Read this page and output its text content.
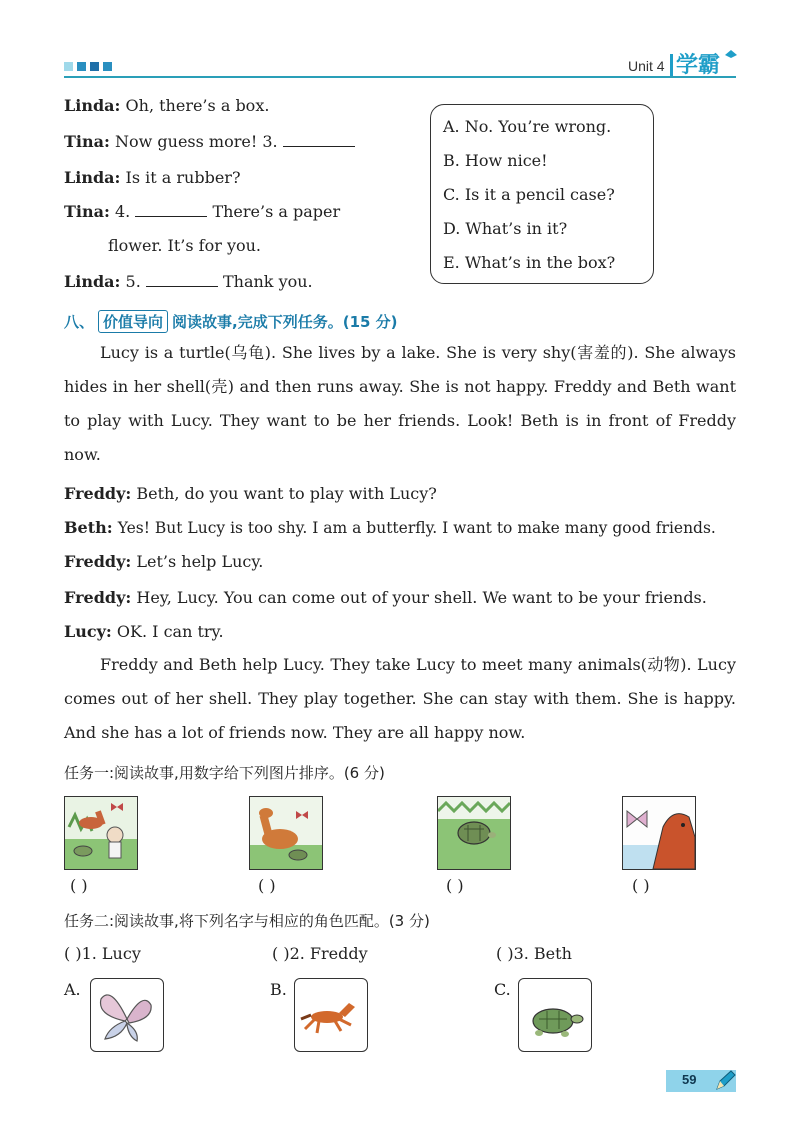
Unit 4 学霸
Linda: Oh, there’s a box.
Tina: Now guess more! 3.
Linda: Is it a rubber?
Tina: 4.	There’s a paper
flower. It’s for you.
Linda: 5.	Thank you.
A. No. You’re wrong.
B. How nice!
C. Is it a pencil case?
D. What’s in it?
E. What’s in the box?
八、 价值导向 阅读故事,完成下列任务。(15 分)
Lucy is a turtle(乌龟). She lives by a lake. She is very shy(害羞的). She always hides in her shell(壳) and then runs away. She is not happy. Freddy and Beth want to play with Lucy. They want to be her friends. Look! Beth is in front of Freddy now.
Freddy: Beth, do you want to play with Lucy?
Beth: Yes! But Lucy is too shy. I am a butterfly. I want to make many good friends.
Freddy: Let’s help Lucy.
Freddy: Hey, Lucy. You can come out of your shell. We want to be your friends.
Lucy: OK. I can try.
Freddy and Beth help Lucy. They take Lucy to meet many animals(动物). Lucy comes out of her shell. They play together. She can stay with them. She is happy. And she has a lot of friends now. They are all happy now.
任务一:阅读故事,用数字给下列图片排序。(6 分)
( )	( )	( )	( )
任务二:阅读故事,将下列名字与相应的角色匹配。(3 分)
( )1. Lucy	( )2. Freddy	( )3. Beth
A.	B.	C.
59
